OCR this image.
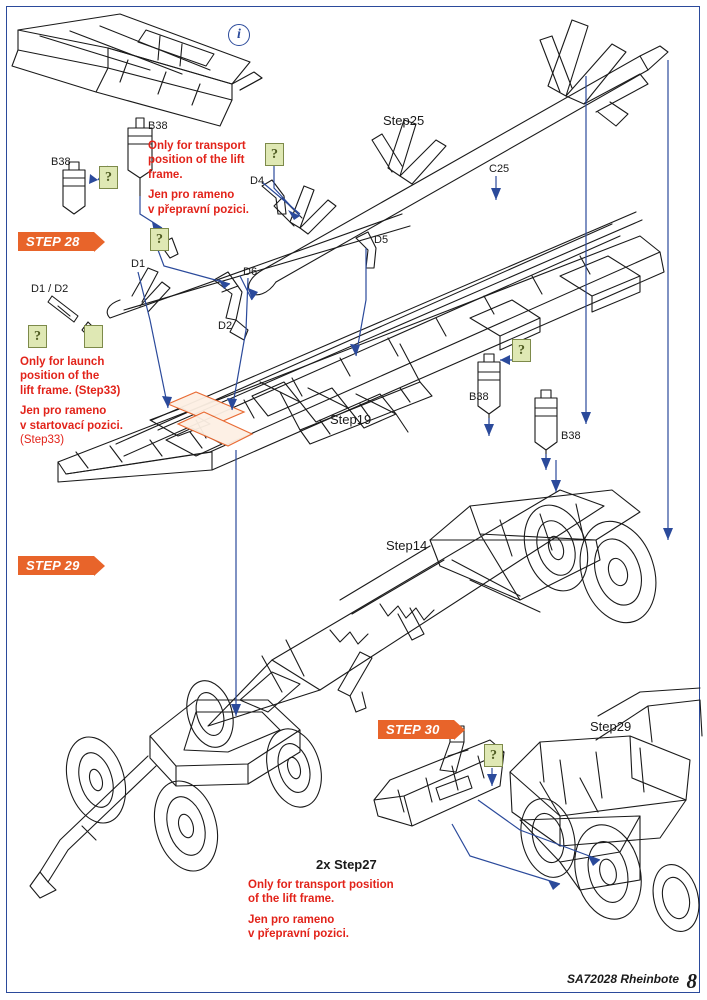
i
STEP 28
STEP 29
STEP 30
Step25
Step19
Step14
Step29
2x Step27
B38
B38
C25
D4
D5
D1
D6
D1 / D2
D2
B38
B38
?
?
?
?
?
?
Only for transport
position of the lift
frame.
Jen pro rameno
v přepravní pozici.
Only for launch
position of the
lift frame. (Step33)
Jen pro rameno
v startovací pozici.
(Step33)
Only for transport position
of the lift frame.
Jen pro rameno
v přepravní pozici.
SA72028 Rheinbote 8
